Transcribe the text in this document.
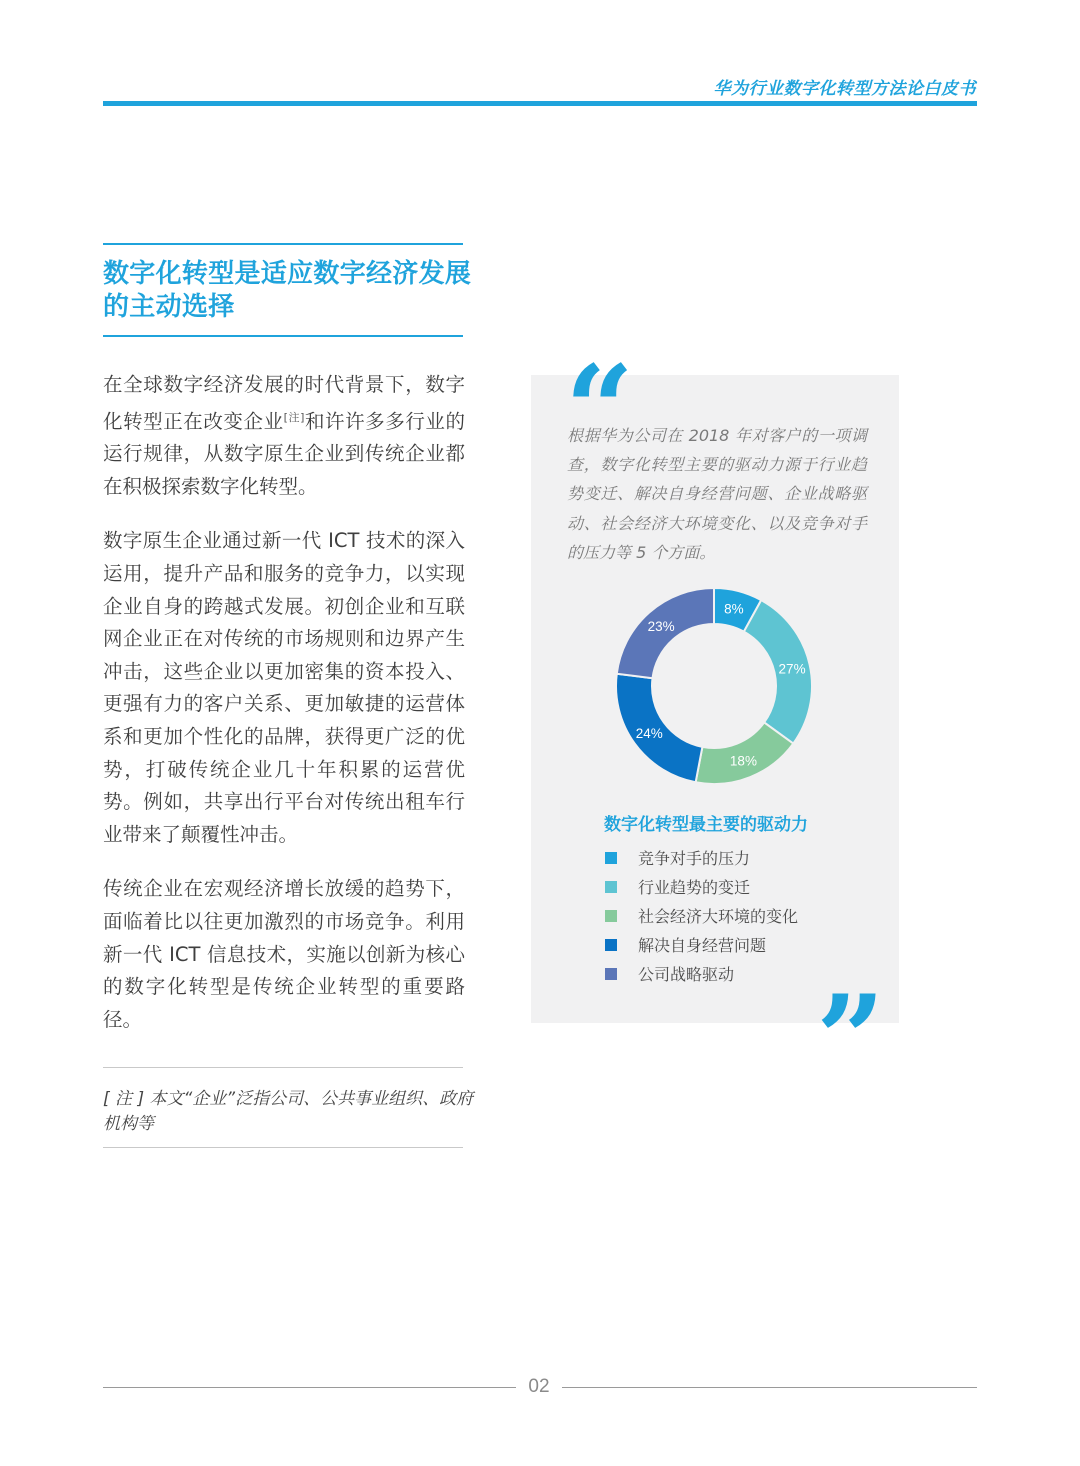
华为行业数字化转型方法论白皮书
数字化转型是适应数字经济发展的主动选择

在全球数字经济发展的时代背景下，数字化转型正在改变企业[注]和许许多多行业的运行规律，从数字原生企业到传统企业都在积极探索数字化转型。

数字原生企业通过新一代 ICT 技术的深入运用，提升产品和服务的竞争力，以实现企业自身的跨越式发展。初创企业和互联网企业正在对传统的市场规则和边界产生冲击，这些企业以更加密集的资本投入、更强有力的客户关系、更加敏捷的运营体系和更加个性化的品牌，获得更广泛的优势，打破传统企业几十年积累的运营优势。例如，共享出行平台对传统出租车行业带来了颠覆性冲击。

传统企业在宏观经济增长放缓的趋势下，面临着比以往更加激烈的市场竞争。利用新一代 ICT 信息技术，实施以创新为核心的数字化转型是传统企业转型的重要路径。

[ 注 ] 本文“企业”泛指公司、公共事业组织、政府机构等
“
根据华为公司在 2018 年对客户的一项调查，数字化转型主要的驱动力源于行业趋势变迁、解决自身经营问题、企业战略驱动、社会经济大环境变化、以及竞争对手的压力等 5 个方面。
8%
27%
18%
24%
23%
数字化转型最主要的驱动力
竞争对手的压力
行业趋势的变迁
社会经济大环境的变化
解决自身经营问题
公司战略驱动 ”
02
